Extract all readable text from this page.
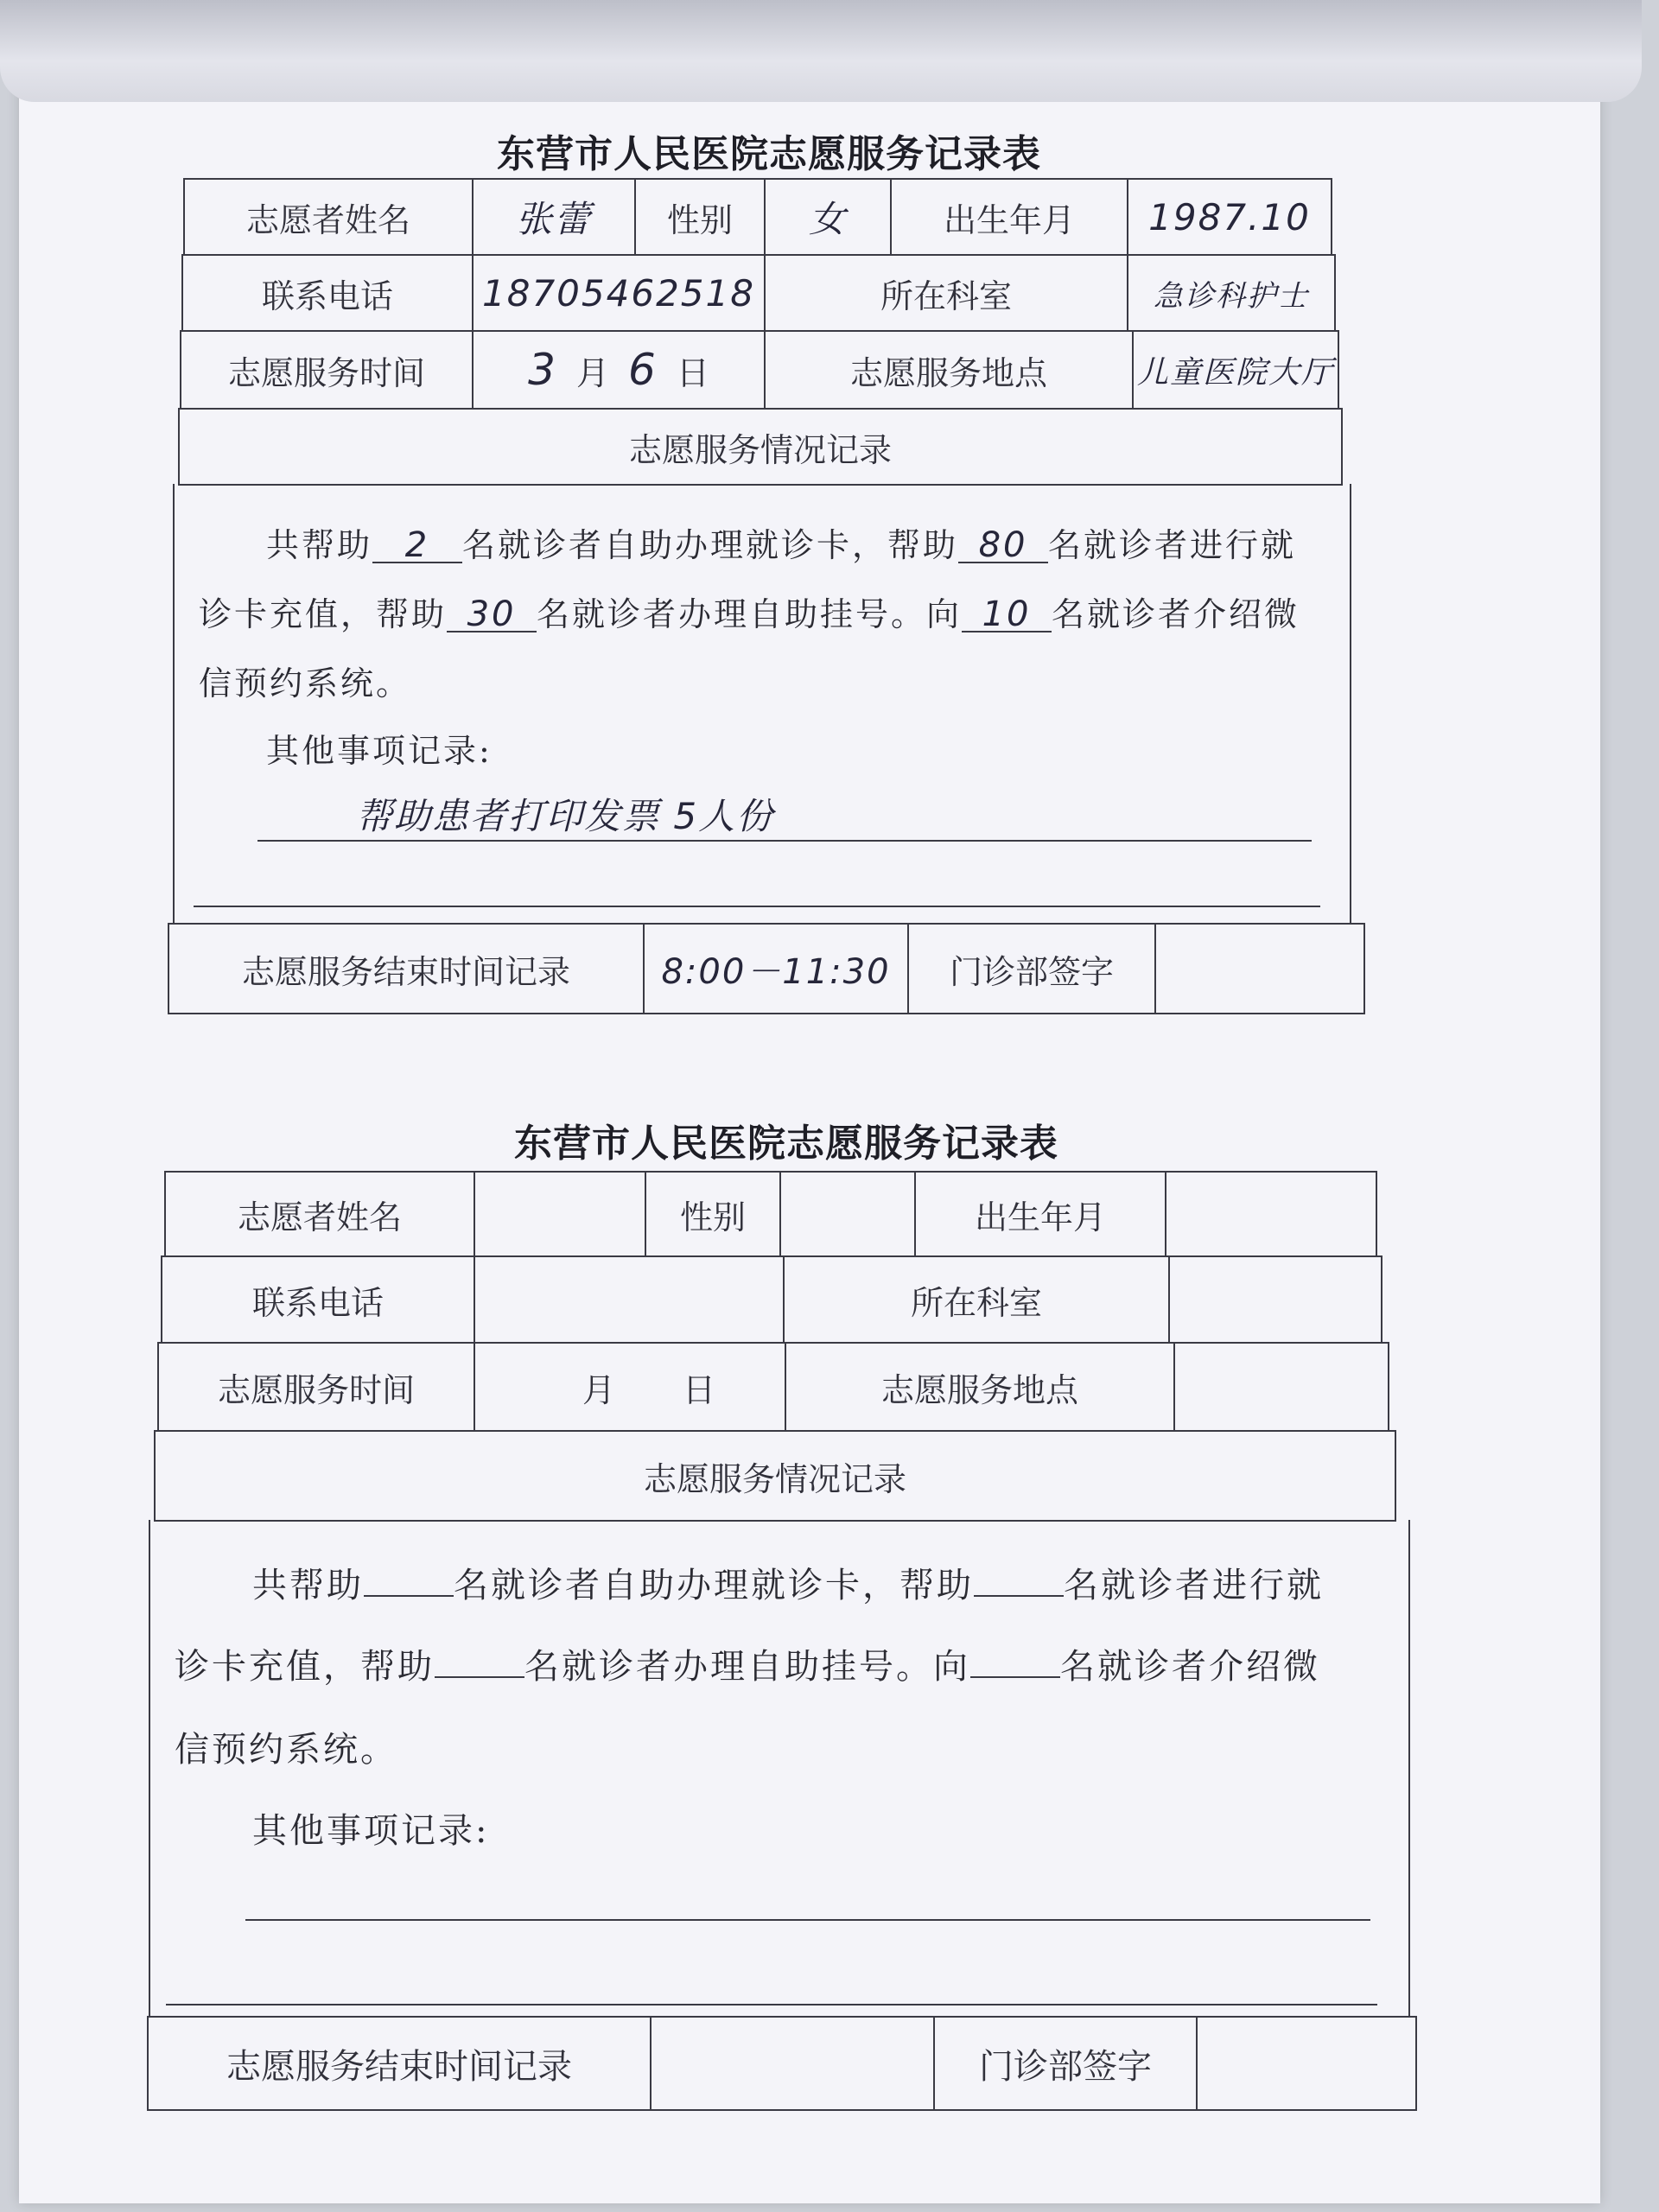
东营市人民医院志愿服务记录表
志愿者姓名	张蕾	性别	女	出生年月	1987.10
联系电话	18705462518	所在科室	急诊科护士
志愿服务时间	3 月 6 日	志愿服务地点	儿童医院大厅
志愿服务情况记录
共帮助 2 名就诊者自助办理就诊卡，帮助 80 名就诊者进行就
诊卡充值，帮助 30 名就诊者办理自助挂号。向 10 名就诊者介绍微
信预约系统。
其他事项记录:
帮助患者打印发票 5人份
志愿服务结束时间记录	8:00－11:30	门诊部签字
东营市人民医院志愿服务记录表
志愿者姓名	性别	出生年月
联系电话	所在科室
志愿服务时间	月 日	志愿服务地点
志愿服务情况记录
共帮助	名就诊者自助办理就诊卡，帮助	名就诊者进行就
诊卡充值，帮助	名就诊者办理自助挂号。向	名就诊者介绍微
信预约系统。
其他事项记录:
志愿服务结束时间记录	门诊部签字
